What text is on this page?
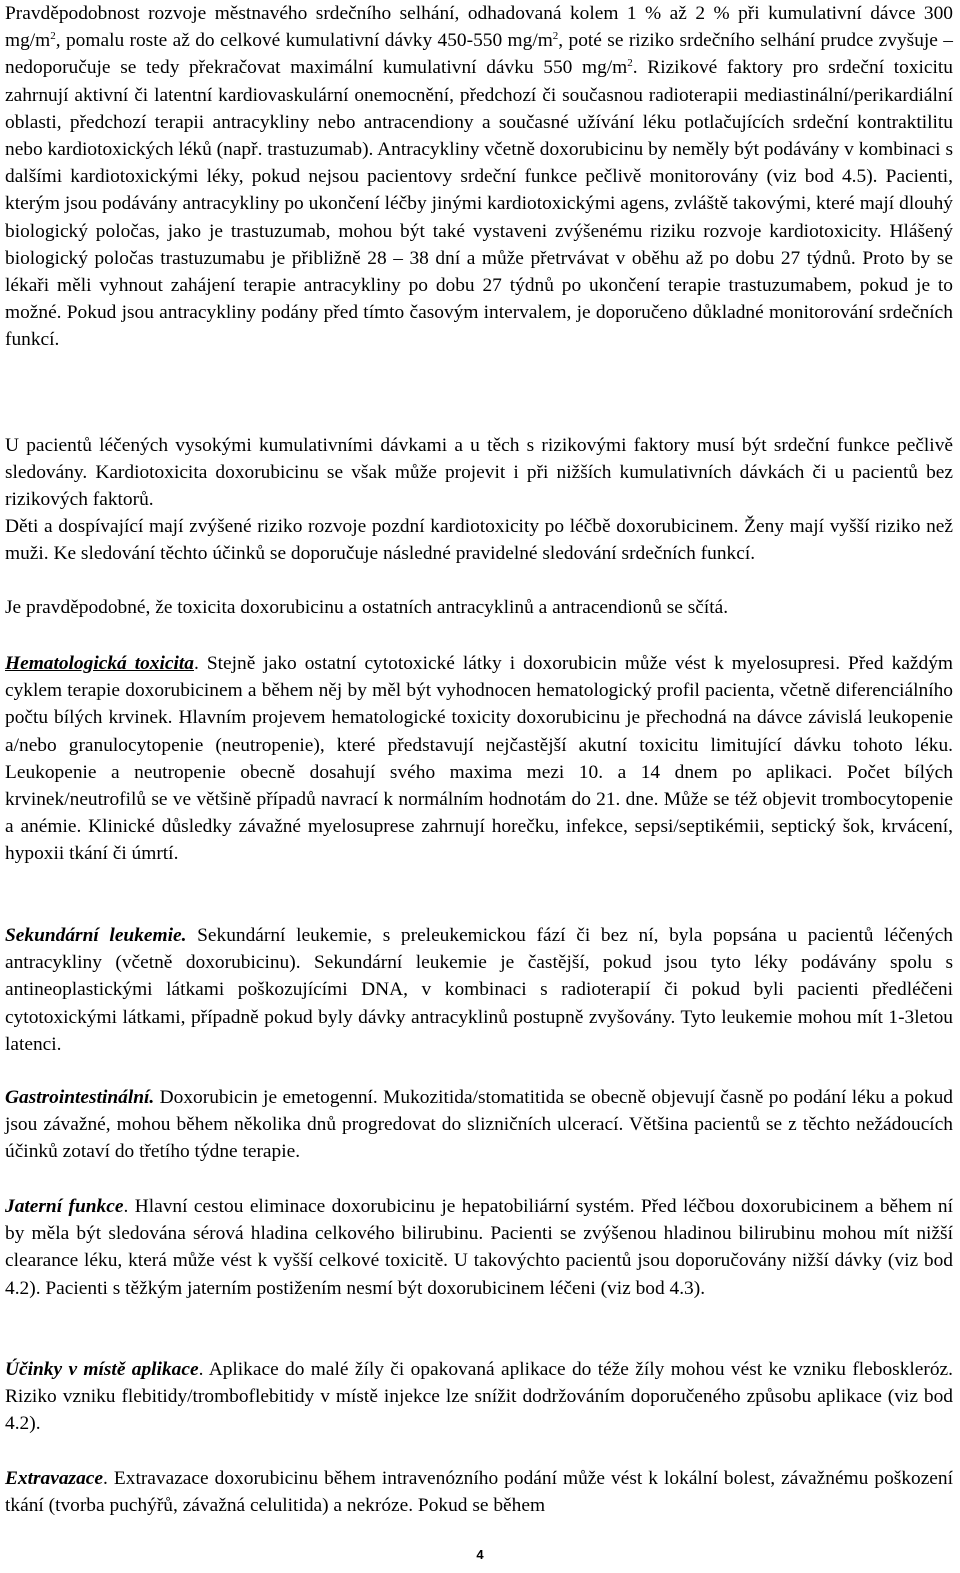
Pravděpodobnost rozvoje městnavého srdečního selhání, odhadovaná kolem 1 % až 2 % při kumulativní dávce 300 $mg/m^2$, pomalu roste až do celkové kumulativní dávky 450-550 $mg/m^2$, poté se riziko srdečního selhání prudce zvyšuje – nedoporučuje se tedy překračovat maximální kumulativní dávku 550 $mg/m^2$. Rizikové faktory pro srdeční toxicitu zahrnují aktivní či latentní kardiovaskulární onemocnění, předchozí či současnou radioterapii mediastinální/perikardiální oblasti, předchozí terapii antracykliny nebo antracendiony a současné užívání léku potlačujících srdeční kontraktilitu nebo kardiotoxických léků (např. trastuzumab). Antracykliny včetně doxorubicinu by neměly být podávány v kombinaci s dalšími kardiotoxickými léky, pokud nejsou pacientovy srdeční funkce pečlivě monitorovány (viz bod 4.5). Pacienti, kterým jsou podávány antracykliny po ukončení léčby jinými kardiotoxickými agens, zvláště takovými, které mají dlouhý biologický poločas, jako je trastuzumab, mohou být také vystaveni zvýšenému riziku rozvoje kardiotoxicity. Hlášený biologický poločas trastuzumabu je přibližně 28 – 38 dní a může přetrvávat v oběhu až po dobu 27 týdnů. Proto by se lékaři měli vyhnout zahájení terapie antracykliny po dobu 27 týdnů po ukončení terapie trastuzumabem, pokud je to možné. Pokud jsou antracykliny podány před tímto časovým intervalem, je doporučeno důkladné monitorování srdečních funkcí.

U pacientů léčených vysokými kumulativními dávkami a u těch s rizikovými faktory musí být srdeční funkce pečlivě sledovány. Kardiotoxicita doxorubicinu se však může projevit i při nižších kumulativních dávkách či u pacientů bez rizikových faktorů.

Děti a dospívající mají zvýšené riziko rozvoje pozdní kardiotoxicity po léčbě doxorubicinem. Ženy mají vyšší riziko než muži. Ke sledování těchto účinků se doporučuje následné pravidelné sledování srdečních funkcí.

Je pravděpodobné, že toxicita doxorubicinu a ostatních antracyklinů a antracendionů se sčítá.

Hematologická toxicita. Stejně jako ostatní cytotoxické látky i doxorubicin může vést k myelosupresi. Před každým cyklem terapie doxorubicinem a během něj by měl být vyhodnocen hematologický profil pacienta, včetně diferenciálního počtu bílých krvinek. Hlavním projevem hematologické toxicity doxorubicinu je přechodná na dávce závislá leukopenie a/nebo granulocytopenie (neutropenie), které představují nejčastější akutní toxicitu limitující dávku tohoto léku. Leukopenie a neutropenie obecně dosahují svého maxima mezi 10. a 14 dnem po aplikaci. Počet bílých krvinek/neutrofilů se ve většině případů navrací k normálním hodnotám do 21. dne. Může se též objevit trombocytopenie a anémie. Klinické důsledky závažné myelosuprese zahrnují horečku, infekce, sepsi/septikémii, septický šok, krvácení, hypoxii tkání či úmrtí.

Sekundární leukemie. Sekundární leukemie, s preleukemickou fází či bez ní, byla popsána u pacientů léčených antracykliny (včetně doxorubicinu). Sekundární leukemie je častější, pokud jsou tyto léky podávány spolu s antineoplastickými látkami poškozujícími DNA, v kombinaci s radioterapií či pokud byli pacienti předléčeni cytotoxickými látkami, případně pokud byly dávky antracyklinů postupně zvyšovány. Tyto leukemie mohou mít 1-3letou latenci.

Gastrointestinální. Doxorubicin je emetogenní. Mukozitida/stomatitida se obecně objevují časně po podání léku a pokud jsou závažné, mohou během několika dnů progredovat do slizničních ulcerací. Většina pacientů se z těchto nežádoucích účinků zotaví do třetího týdne terapie.

Jaterní funkce. Hlavní cestou eliminace doxorubicinu je hepatobiliární systém. Před léčbou doxorubicinem a během ní by měla být sledována sérová hladina celkového bilirubinu. Pacienti se zvýšenou hladinou bilirubinu mohou mít nižší clearance léku, která může vést k vyšší celkové toxicitě. U takovýchto pacientů jsou doporučovány nižší dávky (viz bod 4.2). Pacienti s těžkým jaterním postižením nesmí být doxorubicinem léčeni (viz bod 4.3).

Účinky v místě aplikace. Aplikace do malé žíly či opakovaná aplikace do téže žíly mohou vést ke vzniku fleboskleróz. Riziko vzniku flebitidy/tromboflebitidy v místě injekce lze snížit dodržováním doporučeného způsobu aplikace (viz bod 4.2).

Extravazace. Extravazace doxorubicinu během intravenózního podání může vést k lokální bolest, závažnému poškození tkání (tvorba puchýřů, závažná celulitida) a nekróze. Pokud se během

4
